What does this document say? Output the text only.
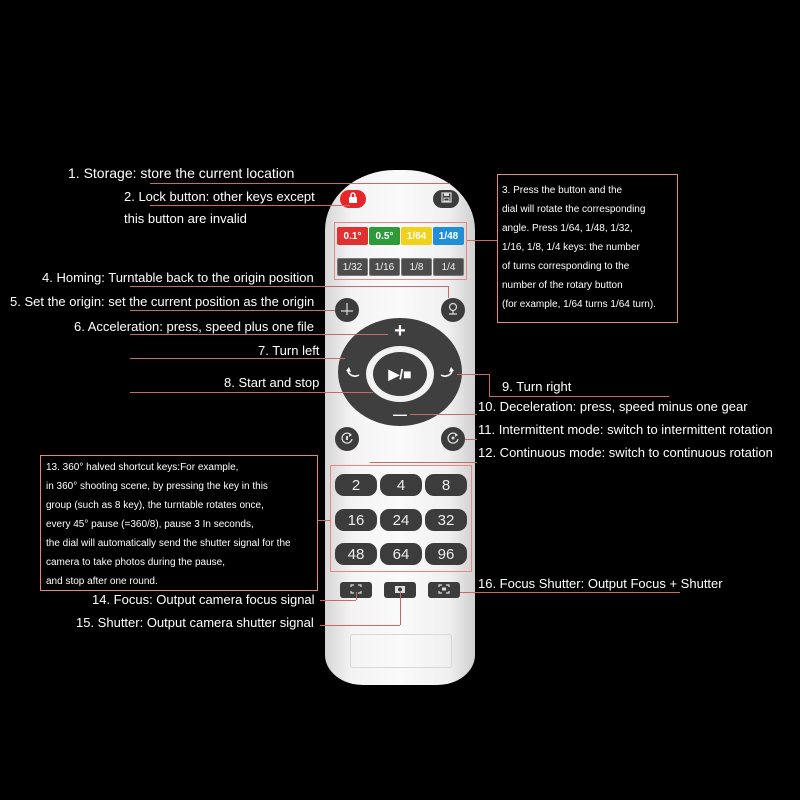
0.1° 0.5° 1/64 1/48
1/32 1/16 1/8 1/4
+
—
▶/■
2 4 8
16 24 32
48 64 96
1. Storage: store the current location
2. Lock button: other keys except
this button are invalid
3. Press the button and the
dial will rotate the corresponding
angle. Press 1/64, 1/48, 1/32,
1/16, 1/8, 1/4 keys: the number
of turns corresponding to the
number of the rotary button
(for example, 1/64 turns 1/64 turn).
4. Homing: Turntable back to the origin position
5. Set the origin: set the current position as the origin
6. Acceleration: press, speed plus one file
7. Turn left
8. Start and stop	9. Turn right
10. Deceleration: press, speed minus one gear
11. Intermittent mode: switch to intermittent rotation
12. Continuous mode: switch to continuous rotation
13. 360° halved shortcut keys:For example,
in 360° shooting scene, by pressing the key in this
group (such as 8 key), the turntable rotates once,
every 45° pause (=360/8), pause 3 In seconds,
the dial will automatically send the shutter signal for the
camera to take photos during the pause,
and stop after one round.
14. Focus: Output camera focus signal
15. Shutter: Output camera shutter signal
16. Focus Shutter: Output Focus + Shutter
